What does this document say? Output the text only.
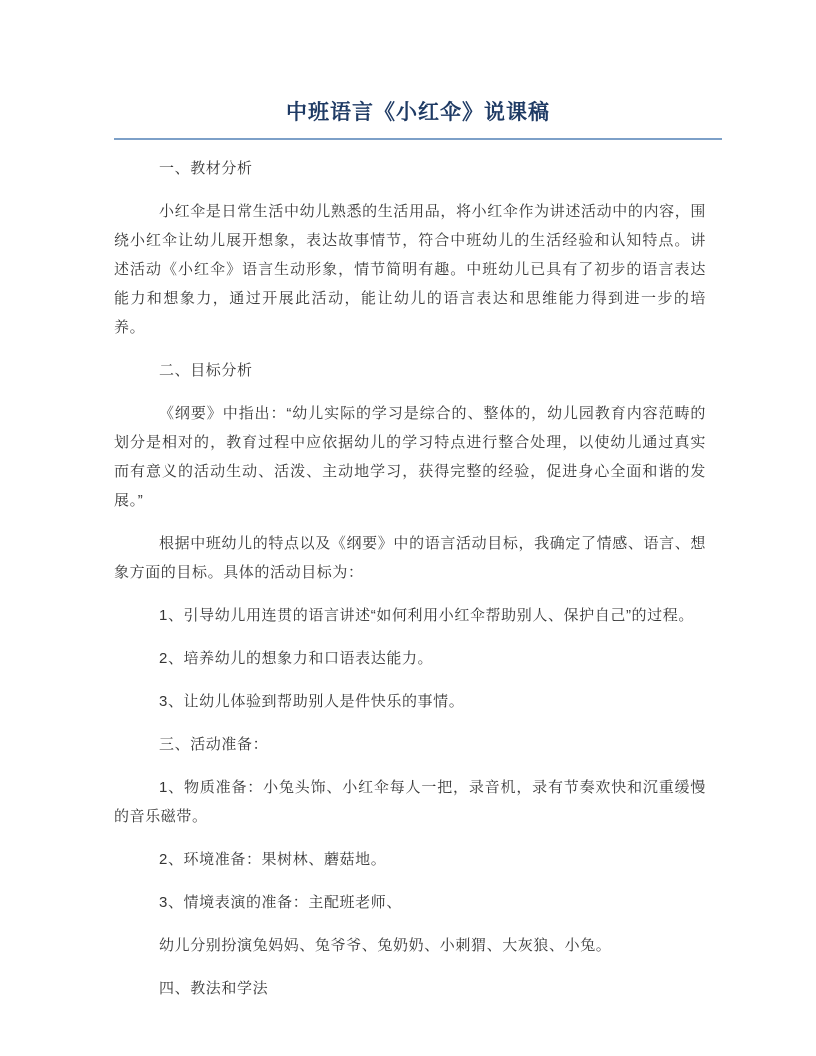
中班语言《小红伞》说课稿

一、教材分析

小红伞是日常生活中幼儿熟悉的生活用品，将小红伞作为讲述活动中的内容，围绕小红伞让幼儿展开想象，表达故事情节，符合中班幼儿的生活经验和认知特点。讲述活动《小红伞》语言生动形象，情节简明有趣。中班幼儿已具有了初步的语言表达能力和想象力，通过开展此活动，能让幼儿的语言表达和思维能力得到进一步的培养。

二、目标分析

《纲要》中指出：“幼儿实际的学习是综合的、整体的，幼儿园教育内容范畴的划分是相对的，教育过程中应依据幼儿的学习特点进行整合处理，以使幼儿通过真实而有意义的活动生动、活泼、主动地学习，获得完整的经验，促进身心全面和谐的发展。”

根据中班幼儿的特点以及《纲要》中的语言活动目标，我确定了情感、语言、想象方面的目标。具体的活动目标为：

1、引导幼儿用连贯的语言讲述“如何利用小红伞帮助别人、保护自己”的过程。

2、培养幼儿的想象力和口语表达能力。

3、让幼儿体验到帮助别人是件快乐的事情。

三、活动准备：

1、物质准备：小兔头饰、小红伞每人一把，录音机，录有节奏欢快和沉重缓慢的音乐磁带。

2、环境准备：果树林、蘑菇地。

3、情境表演的准备：主配班老师、

幼儿分别扮演兔妈妈、兔爷爷、兔奶奶、小刺猬、大灰狼、小兔。

四、教法和学法
